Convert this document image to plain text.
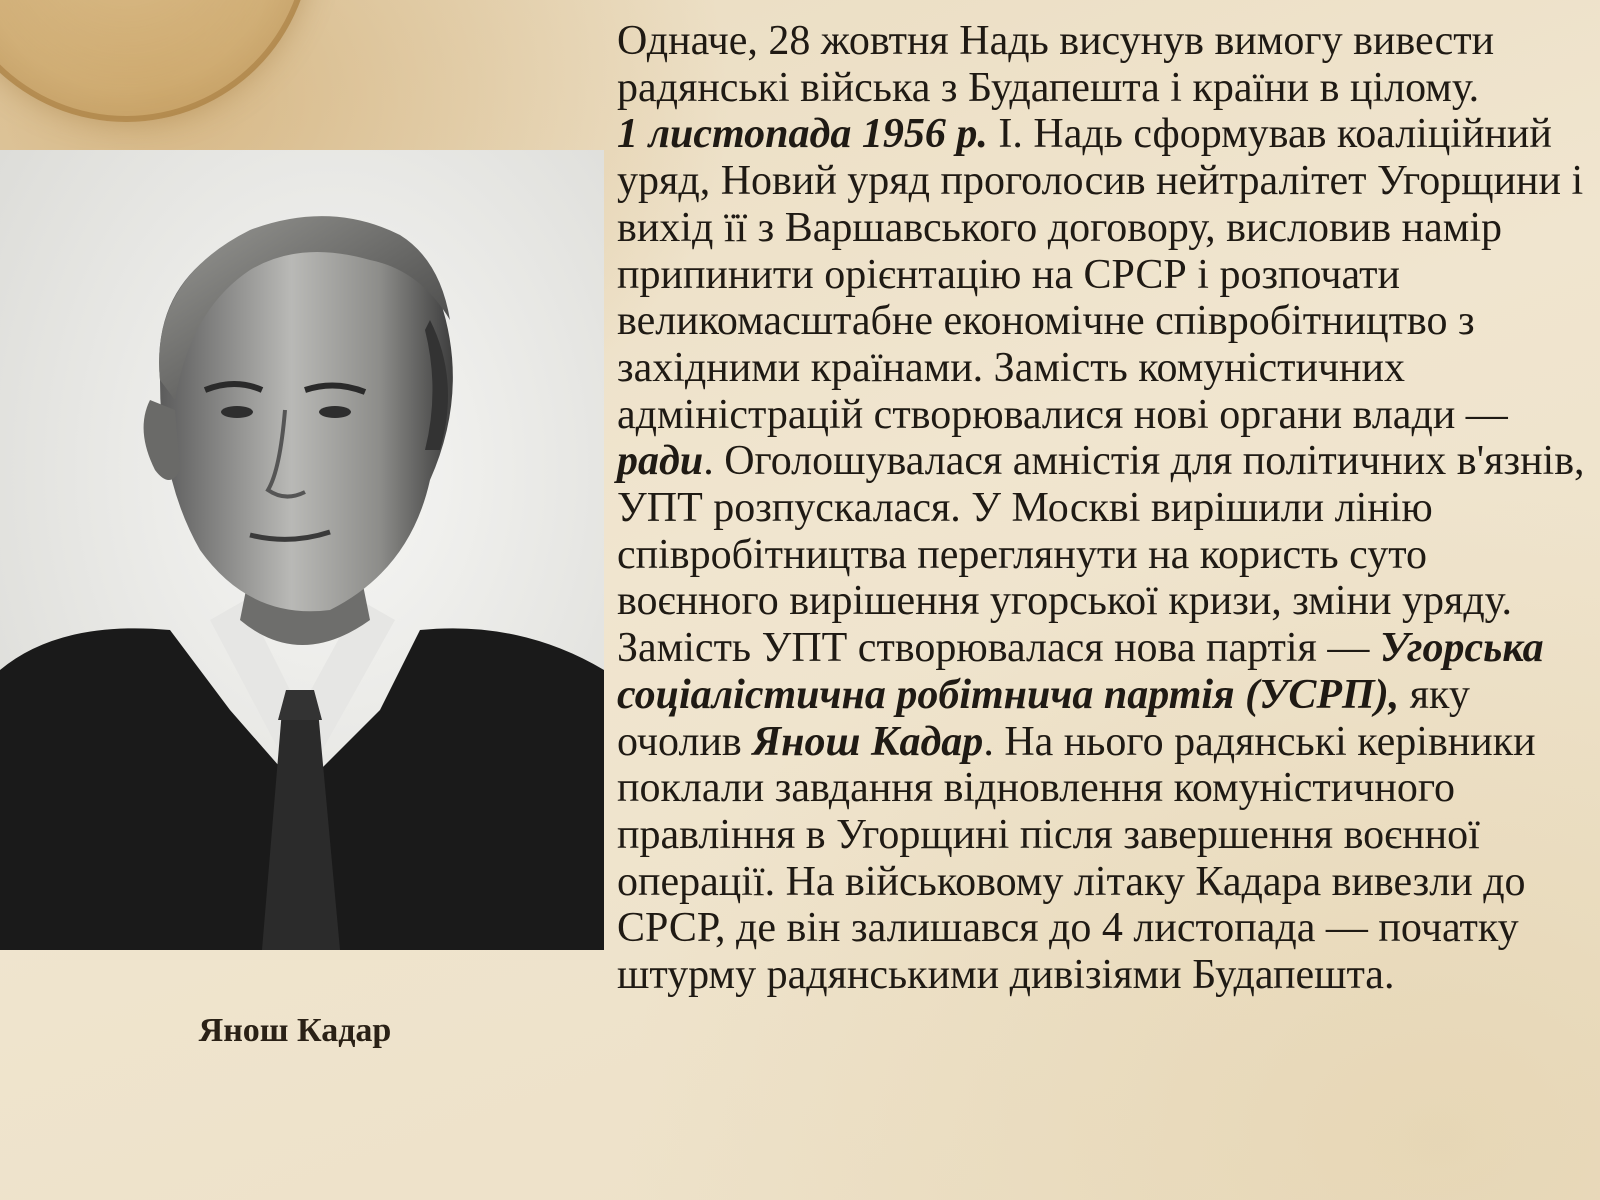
Янош Кадар

Одначе, 28 жовтня Надь висунув вимогу вивести радянські війська з Будапешта і країни в цілому.
1 листопада 1956 р. І. Надь сформував коаліційний уряд, Новий уряд проголосив нейтралітет Угорщини і вихід її з Варшавського договору, висловив намір припинити орієнтацію на СРСР і розпочати великомасштабне економічне співробітництво з західними країнами. Замість комуністичних адміністрацій створювалися нові органи влади — ради. Оголошувалася амністія для політичних в'язнів, УПТ розпускалася. У Москві вирішили лінію співробітництва переглянути на користь суто воєнного вирішення угорської кризи, зміни уряду. Замість УПТ створювалася нова партія — Угорська соціалістична робітнича партія (УСРП), яку очолив Янош Кадар. На нього радянські керівники поклали завдання відновлення комуністичного правління в Угорщині після завершення воєнної операції. На військовому літаку Кадара вивезли до СРСР, де він залишався до 4 листопада — початку штурму радянськими дивізіями Будапешта.
